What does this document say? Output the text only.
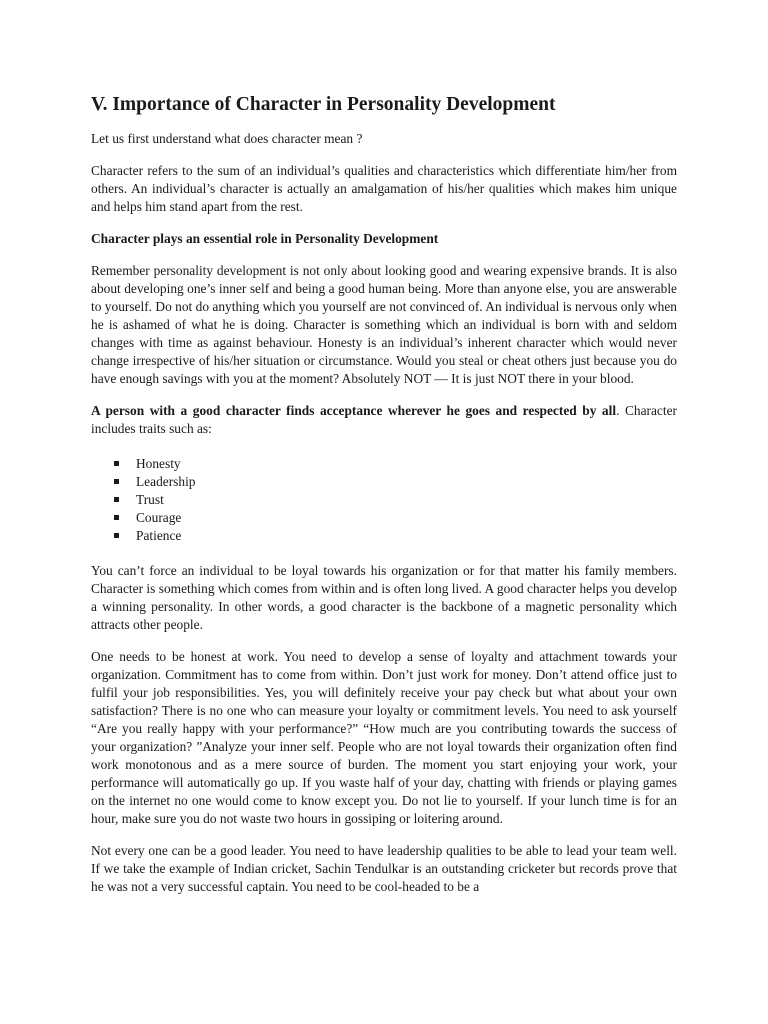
V. Importance of Character in Personality Development

Let us first understand what does character mean ?

Character refers to the sum of an individual’s qualities and characteristics which differentiate him/her from others. An individual’s character is actually an amalgamation of his/her qualities which makes him unique and helps him stand apart from the rest.

Character plays an essential role in Personality Development

Remember personality development is not only about looking good and wearing expensive brands. It is also about developing one’s inner self and being a good human being. More than anyone else, you are answerable to yourself. Do not do anything which you yourself are not convinced of. An individual is nervous only when he is ashamed of what he is doing. Character is something which an individual is born with and seldom changes with time as against behaviour. Honesty is an individual’s inherent character which would never change irrespective of his/her situation or circumstance. Would you steal or cheat others just because you do have enough savings with you at the moment? Absolutely NOT — It is just NOT there in your blood.

A person with a good character finds acceptance wherever he goes and respected by all. Character includes traits such as:

Honesty
Leadership
Trust
Courage
Patience

You can’t force an individual to be loyal towards his organization or for that matter his family members. Character is something which comes from within and is often long lived. A good character helps you develop a winning personality. In other words, a good character is the backbone of a magnetic personality which attracts other people.

One needs to be honest at work. You need to develop a sense of loyalty and attachment towards your organization. Commitment has to come from within. Don’t just work for money. Don’t attend office just to fulfil your job responsibilities. Yes, you will definitely receive your pay check but what about your own satisfaction? There is no one who can measure your loyalty or commitment levels. You need to ask yourself “Are you really happy with your performance?” “How much are you contributing towards the success of your organization? ”Analyze your inner self. People who are not loyal towards their organization often find work monotonous and as a mere source of burden. The moment you start enjoying your work, your performance will automatically go up. If you waste half of your day, chatting with friends or playing games on the internet no one would come to know except you. Do not lie to yourself. If your lunch time is for an hour, make sure you do not waste two hours in gossiping or loitering around.

Not every one can be a good leader. You need to have leadership qualities to be able to lead your team well. If we take the example of Indian cricket, Sachin Tendulkar is an outstanding cricketer but records prove that he was not a very successful captain. You need to be cool-headed to be a
